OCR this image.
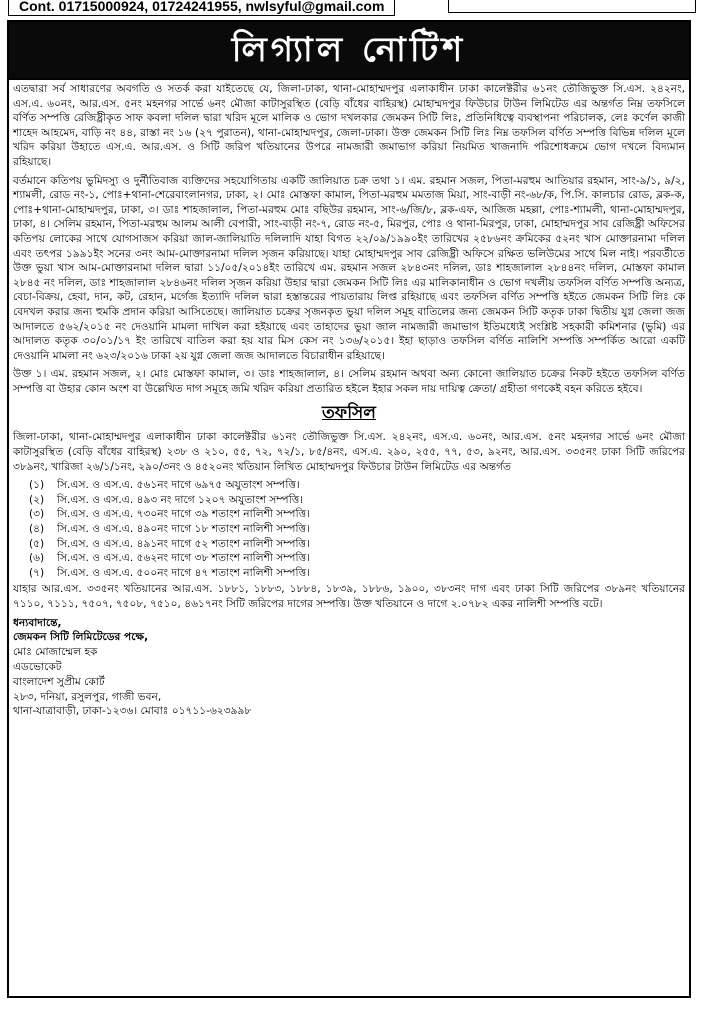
Cont. 01715000924, 01724241955, nwlsyful@gmail.com
লিগ্যাল নোটিশ
এতদ্বারা সর্ব সাধারণের অবগতি ও সতর্ক করা যাইতেছে যে, জিলা-ঢাকা, থানা-মোহাম্মদপুর এলাকাধীন ঢাকা কালেক্টরীর ৬১নং তৌজিভুক্ত সি.এস. ২৪২নং, এস.এ. ৬০নং, আর.এস. ৫নং মহনগর সার্ভে ৬নং মৌজা কাটাসুরস্থিত (বেড়ি বাঁধের বাহিরস্থ) মোহাম্মদপুর ফিউচার টাউন লিমিটেড এর অন্তর্গত নিম্ন তফসিলে বর্ণিত সম্পত্তি রেজিষ্ট্রীকৃত সাফ কবলা দলিল দ্বারা খরিদ মূলে মালিক ও ভোগ দখলকার জেমকন সিটি লিঃ, প্রতিনিধিত্বে ব্যবস্থাপনা পরিচালক, লেঃ কর্ণেল কাজী শাহেদ আহমেদ, বাড়ি নং ৪৪, রাস্তা নং ১৬ (২৭ পুরাতন), থানা-মোহাম্মদপুর, জেলা-ঢাকা। উক্ত জেমকন সিটি লিঃ নিম্ন তফসিল বর্ণিত সম্পত্তি বিভিন্ন দলিল মূলে খরিদ করিয়া উহাতে এস.এ. আর.এস. ও সিটি জরিপ খতিয়ানের উপরে নামজারী জমাভাগ করিয়া নিয়মিত খাজনাদি পরিশোধক্রমে ভোগ দখলে বিদ্যমান রহিয়াছে।
বর্তমানে কতিপয় ভুমিদস্যু ও দুর্নীতিবাজ ব্যক্তিদের সহযোগিতায় একটি জালিয়াত চক্র তথা ১। এম. রহমান সজল, পিতা-মরহুম আতিয়ার রহমান, সাং-৯/১, ৯/২, শ্যামলী, রোড নং-১, পোঃ+থানা-শেরেবাংলানগর, ঢাকা, ২। মোঃ মোস্তফা কামাল, পিতা-মরহুম মমতাজ মিয়া, সাং-বাড়ী নং-৬৮/ক, পি.সি. কালচার রোড, ব্লক-ক, পোঃ+থানা-মোহাম্মদপুর, ঢাকা, ৩। ডাঃ শাহজালাল, পিতা-মরহুম মোঃ বছিউর রহমান, সাং-৬/জি/৮, ব্লক-এফ, আজিজ মহল্লা, পোঃ-শ্যামলী, থানা-মোহাম্মদপুর, ঢাকা, ৪। সেলিম রহমান, পিতা-মরহুম আলম আলী বেপারী, সাং-বাড়ী নং-৭, রোড নং-৫, মিরপুর, পোঃ ও থানা-মিরপুর, ঢাকা, মোহাম্মদপুর সাব রেজিষ্ট্রী অফিসের কতিপয় লোকের সাথে যোগসাজস করিয়া জাল-জালিয়াতি দলিলাদি যাহা বিগত ২২/০৯/১৯৯০ইং তারিখের ২৫৮৬নং ক্রমিকের ৫২নং খাস মোক্তারনামা দলিল এবং তৎপর ১৯৯১ইং সনের ৩নং আম-মোক্তারনামা দলিল সৃজন করিয়াছে। যাহা মোহাম্মদপুর সাব রেজিষ্ট্রী অফিসে রক্ষিত ভলিউমের সাথে মিল নাই। পরবর্তীতে উক্ত ভুয়া খাস আম-মোক্তারনামা দলিল দ্বারা ১১/০৫/২০১৪ইং তারিখে এম. রহমান সজল ২৮৪৩নং দলিল, ডাঃ শাহজালাল ২৮৪৪নং দলিল, মোস্তফা কামাল ২৮৪৫ নং দলিল, ডাঃ শাহজালাল ২৮৪৬নং দলিল সৃজন করিয়া উহার দ্বারা জেমকন সিটি লিঃ এর মালিকানাধীন ও ভোগ দখলীয় তফসিল বর্ণিত সম্পত্তি অন্যত্র, বেচা-বিক্রয়, হেবা, দান, কট, রেহান, মর্গেজ ইত্যাদি দলিল দ্বারা হস্তান্তরের পায়তারায় লিপ্ত রহিয়াছে এবং তফসিল বর্ণিত সম্পত্তি হইতে জেমকন সিটি লিঃ কে বেদখল করার জন্য হুমকি প্রদান করিয়া আসিতেছে। জালিয়াত চক্রের সৃজনকৃত ভুয়া দলিল সমূহ বাতিলের জন্য জেমকন সিটি কতৃক ঢাকা দ্বিতীয় যুগ্ন জেলা জজ আদালতে ৫৬২/২০১৫ নং দেওয়ানি মামলা দাখিল করা হইয়াছে এবং তাহাদের ভুয়া জাল নামজারী জমাভাগ ইতিমধ্যেই সংশ্লিষ্ট সহকারী কমিশনার (ভুমি) এর আদালত কতৃক ৩০/০১/১৭ ইং তারিখে বাতিল করা হয় যার মিস কেস নং ১৩৬/২০১৫। ইহা ছাড়াও তফসিল বর্ণিত নালিশি সম্পত্তি সম্পর্কিত আরো একটি দেওয়ানি মামলা নং ৬২৩/২০১৬ ঢাকা ২য় যুগ্ন জেলা জজ আদালতে বিচারাধীন রহিয়াছে।
উক্ত ১। এম. রহমান সজল, ২। মোঃ মোস্তফা কামাল, ৩। ডাঃ শাহজালাল, ৪। সেলিম রহমান অথবা অন্য কোনো জালিয়াত চক্রের নিকট হইতে তফসিল বর্ণিত সম্পত্তি বা উহার কোন অংশ বা উল্লেখিত দাগ সমূহে জমি খরিদ করিয়া প্রতারিত হইলে ইহার সকল দায় দায়িত্ব ক্রেতা/ গ্রহীতা গণকেই বহন করিতে হইবে।
তফসিল
জিলা-ঢাকা, থানা-মোহাম্মদপুর এলাকাধীন ঢাকা কালেক্টরীর ৬১নং তৌজিভুক্ত সি.এস. ২৪২নং, এস.এ. ৬০নং, আর.এস. ৫নং মহনগর সার্ভে ৬নং মৌজা কাটাসুরস্থিত (বেড়ি বাঁধের বাহিরস্থ) ২৩৮ ও ২১০, ৫৫, ৭২, ৭২/১, ৮৫/৪নং, এস.এ. ২৯০, ২৫৫, ৭৭, ৫৩, ৯২নং, আর.এস. ৩৩৫নং ঢাকা সিটি জরিপের ৩৮৯নং, খারিজা ২৬/১/১নং, ২৯০/৩নং ও ৪৫২০নং খতিয়ান লিখিত মোহাম্মদপুর ফিউচার টাউন লিমিটেড এর অন্তর্গত
(১) সি.এস. ও এস.এ. ৫৬১নং দাগে ৬৯৭৫ অযুতাংশ সম্পত্তি।
(২) সি.এস. ও এস.এ. ৪৯৩ নং দাগে ১২০৭ অযুতাংশ সম্পত্তি।
(৩) সি.এস. ও এস.এ. ৭৩০নং দাগে ৩৯ শতাংশ নালিশী সম্পত্তি।
(৪) সি.এস. ও এস.এ. ৪৯০নং দাগে ১৮ শতাংশ নালিশী সম্পত্তি।
(৫) সি.এস. ও এস.এ. ৪৯১নং দাগে ৫২ শতাংশ নালিশী সম্পত্তি।
(৬) সি.এস. ও এস.এ. ৫৬২নং দাগে ৩৮ শতাংশ নালিশী সম্পত্তি।
(৭) সি.এস. ও এস.এ. ৫০০নং দাগে ৪৭ শতাংশ নালিশী সম্পত্তি।
যাহার আর.এস. ৩৩৫নং খতিয়ানের আর.এস. ১৮৮১, ১৮৮৩, ১৮৮৪, ১৮৩৯, ১৮৮৬, ১৯০০, ৩৮৩নং দাগ এবং ঢাকা সিটি জরিপের ৩৮৯নং খতিয়ানের ৭১১০, ৭১১১, ৭৫০৭, ৭৫০৮, ৭৫১০, ৪৬১৭নং সিটি জরিপের দাগের সম্পত্তি। উক্ত খতিয়ানে ও দাগে ২.০৭৮২ একর নালিশী সম্পত্তি বটে।
ধন্যবাদান্তে,
জেমকন সিটি লিমিটেডের পক্ষে,
মোঃ মোজাম্মেল হক
এডভোকেট
বাংলাদেশ সুপ্রীম কোর্ট
২৮৩, দনিয়া, রসুলপুর, গাজী ভবন,
থানা-যাত্রাবাড়ী, ঢাকা-১২৩৬। মোবাঃ ০১৭১১-৬২৩৯৯৮
